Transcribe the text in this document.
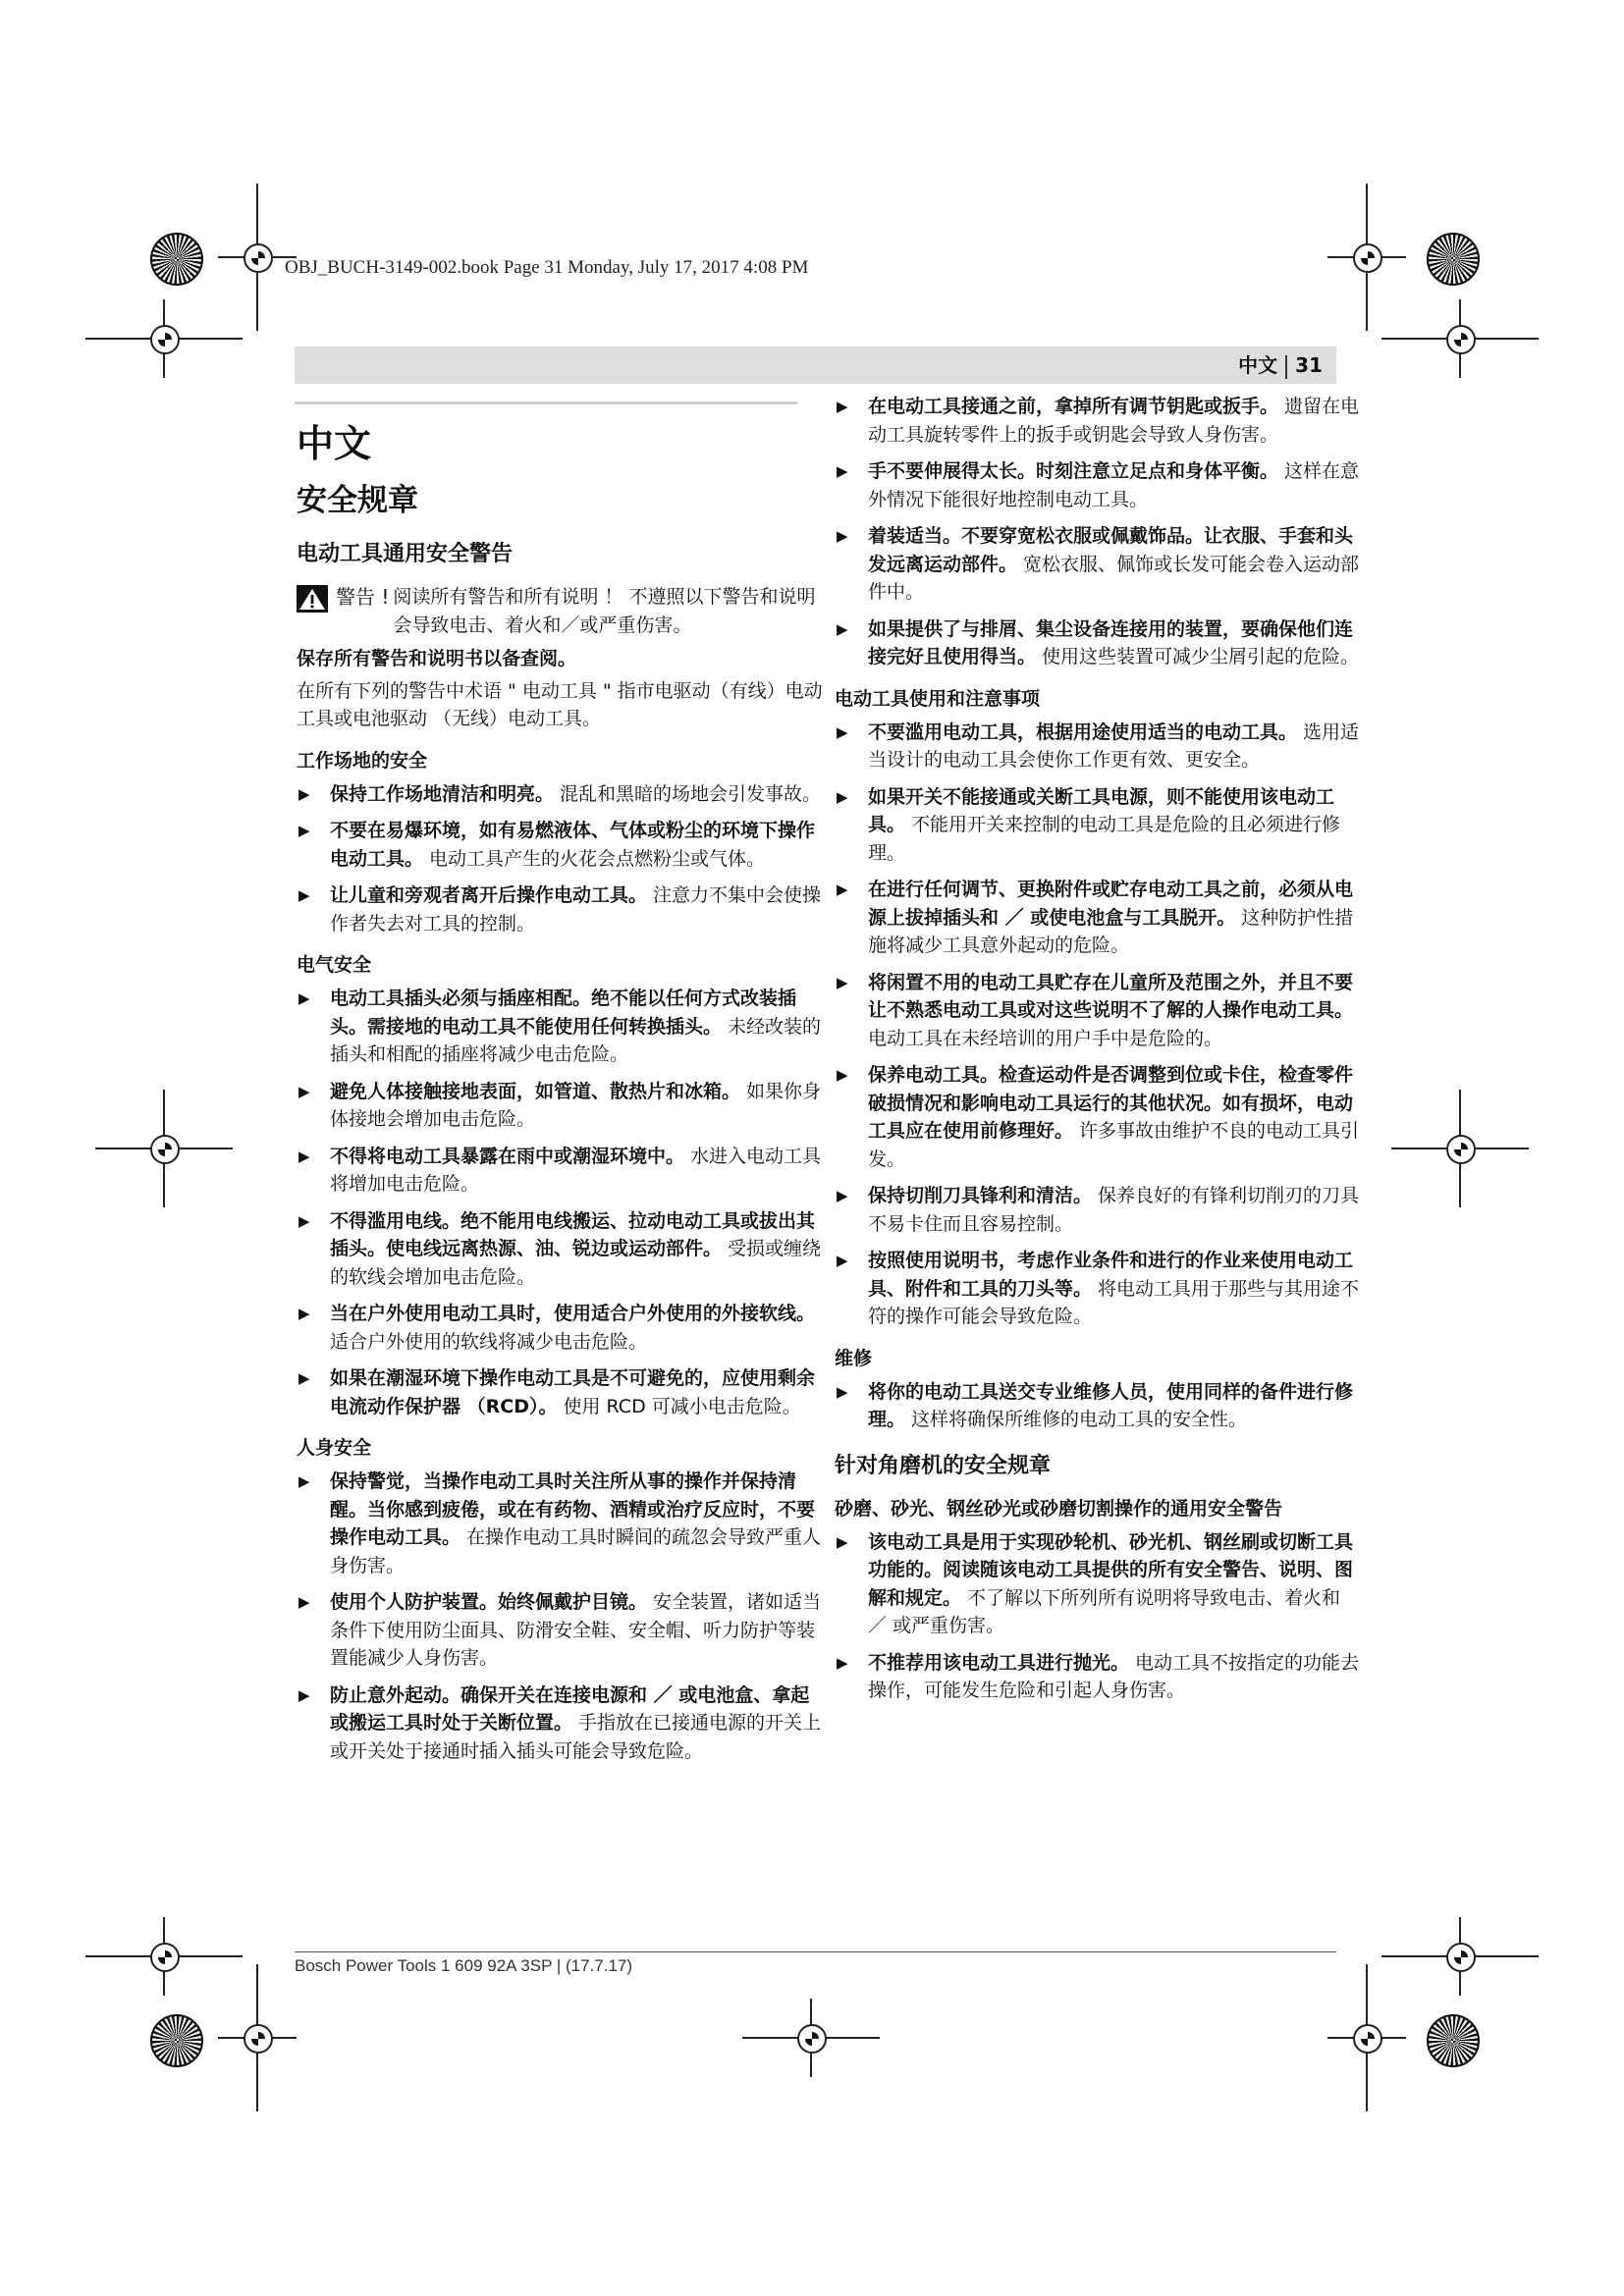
OBJ_BUCH-3149-002.book Page 31 Monday, July 17, 2017 4:08 PM
中文 31
中文
安全规章
电动工具通用安全警告
警告 ! 阅读所有警告和所有说明 ！ 不遵照以下警告和说明会导致电击、着火和／或严重伤害。
保存所有警告和说明书以备查阅。
在所有下列的警告中术语 " 电动工具 " 指市电驱动（有线）电动工具或电池驱动 （无线）电动工具。
工作场地的安全
▶	保持工作场地清洁和明亮。 混乱和黑暗的场地会引发事故。
▶	不要在易爆环境，如有易燃液体、气体或粉尘的环境下操作电动工具。 电动工具产生的火花会点燃粉尘或气体。
▶	让儿童和旁观者离开后操作电动工具。 注意力不集中会使操作者失去对工具的控制。
电气安全
▶	电动工具插头必须与插座相配。绝不能以任何方式改装插头。需接地的电动工具不能使用任何转换插头。 未经改装的插头和相配的插座将减少电击危险。
▶	避免人体接触接地表面，如管道、散热片和冰箱。 如果你身体接地会增加电击危险。
▶	不得将电动工具暴露在雨中或潮湿环境中。 水进入电动工具将增加电击危险。
▶	不得滥用电线。绝不能用电线搬运、拉动电动工具或拔出其插头。使电线远离热源、油、锐边或运动部件。 受损或缠绕的软线会增加电击危险。
▶	当在户外使用电动工具时，使用适合户外使用的外接软线。 适合户外使用的软线将减少电击危险。
▶	如果在潮湿环境下操作电动工具是不可避免的，应使用剩余电流动作保护器 （RCD）。 使用 RCD 可减小电击危险。
人身安全
▶	保持警觉，当操作电动工具时关注所从事的操作并保持清醒。当你感到疲倦，或在有药物、酒精或治疗反应时，不要操作电动工具。 在操作电动工具时瞬间的疏忽会导致严重人身伤害。
▶	使用个人防护装置。始终佩戴护目镜。 安全装置，诸如适当条件下使用防尘面具、防滑安全鞋、安全帽、听力防护等装置能减少人身伤害。
▶	防止意外起动。确保开关在连接电源和 ／ 或电池盒、拿起或搬运工具时处于关断位置。 手指放在已接通电源的开关上或开关处于接通时插入插头可能会导致危险。
▶	在电动工具接通之前，拿掉所有调节钥匙或扳手。 遗留在电动工具旋转零件上的扳手或钥匙会导致人身伤害。
▶	手不要伸展得太长。时刻注意立足点和身体平衡。 这样在意外情况下能很好地控制电动工具。
▶	着装适当。不要穿宽松衣服或佩戴饰品。让衣服、手套和头发远离运动部件。 宽松衣服、佩饰或长发可能会卷入运动部件中。
▶	如果提供了与排屑、集尘设备连接用的装置，要确保他们连接完好且使用得当。 使用这些装置可减少尘屑引起的危险。
电动工具使用和注意事项
▶	不要滥用电动工具，根据用途使用适当的电动工具。 选用适当设计的电动工具会使你工作更有效、更安全。
▶	如果开关不能接通或关断工具电源，则不能使用该电动工具。 不能用开关来控制的电动工具是危险的且必须进行修理。
▶	在进行任何调节、更换附件或贮存电动工具之前，必须从电源上拔掉插头和 ／ 或使电池盒与工具脱开。 这种防护性措施将减少工具意外起动的危险。
▶	将闲置不用的电动工具贮存在儿童所及范围之外，并且不要让不熟悉电动工具或对这些说明不了解的人操作电动工具。 电动工具在未经培训的用户手中是危险的。
▶	保养电动工具。检查运动件是否调整到位或卡住，检查零件破损情况和影响电动工具运行的其他状况。如有损坏，电动工具应在使用前修理好。 许多事故由维护不良的电动工具引发。
▶	保持切削刀具锋利和清洁。 保养良好的有锋利切削刃的刀具不易卡住而且容易控制。
▶	按照使用说明书，考虑作业条件和进行的作业来使用电动工具、附件和工具的刀头等。 将电动工具用于那些与其用途不符的操作可能会导致危险。
维修
▶	将你的电动工具送交专业维修人员，使用同样的备件进行修理。 这样将确保所维修的电动工具的安全性。
针对角磨机的安全规章
砂磨、砂光、钢丝砂光或砂磨切割操作的通用安全警告
▶	该电动工具是用于实现砂轮机、砂光机、钢丝刷或切断工具功能的。阅读随该电动工具提供的所有安全警告、说明、图解和规定。 不了解以下所列所有说明将导致电击、着火和 ／ 或严重伤害。
▶	不推荐用该电动工具进行抛光。 电动工具不按指定的功能去操作，可能发生危险和引起人身伤害。
Bosch Power Tools 1 609 92A 3SP | (17.7.17)
